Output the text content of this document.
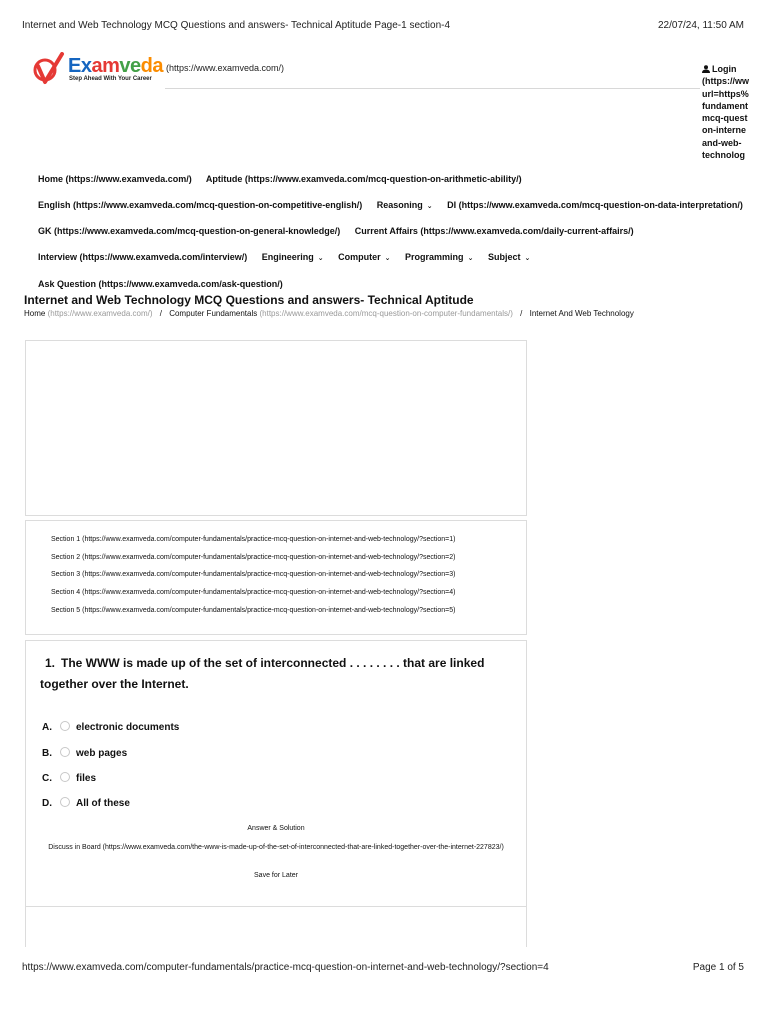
Internet and Web Technology MCQ Questions and answers- Technical Aptitude Page-1 section-4	22/07/24, 11:50 AM
Examveda
Step Ahead With Your Career
(https://www.examveda.com/)	Login
(https://ww
url=https%
fundament
mcq-quest
on-interne
and-web-
technolog
Home (https://www.examveda.com/) Aptitude (https://www.examveda.com/mcq-question-on-arithmetic-ability/)
English (https://www.examveda.com/mcq-question-on-competitive-english/) Reasoning ⌄ DI (https://www.examveda.com/mcq-question-on-data-interpretation/)
GK (https://www.examveda.com/mcq-question-on-general-knowledge/) Current Affairs (https://www.examveda.com/daily-current-affairs/)
Interview (https://www.examveda.com/interview/) Engineering ⌄ Computer ⌄ Programming ⌄ Subject ⌄
Ask Question (https://www.examveda.com/ask-question/)
Internet and Web Technology MCQ Questions and answers- Technical Aptitude
Home (https://www.examveda.com/) / Computer Fundamentals (https://www.examveda.com/mcq-question-on-computer-fundamentals/) / Internet And Web Technology
Section 1 (https://www.examveda.com/computer-fundamentals/practice-mcq-question-on-internet-and-web-technology/?section=1)
Section 2 (https://www.examveda.com/computer-fundamentals/practice-mcq-question-on-internet-and-web-technology/?section=2)
Section 3 (https://www.examveda.com/computer-fundamentals/practice-mcq-question-on-internet-and-web-technology/?section=3)
Section 4 (https://www.examveda.com/computer-fundamentals/practice-mcq-question-on-internet-and-web-technology/?section=4)
Section 5 (https://www.examveda.com/computer-fundamentals/practice-mcq-question-on-internet-and-web-technology/?section=5)
1. The WWW is made up of the set of interconnected . . . . . . . . that are linked together over the Internet.
A. electronic documents
B. web pages
C. files
D. All of these
Answer & Solution
Discuss in Board (https://www.examveda.com/the-www-is-made-up-of-the-set-of-interconnected-that-are-linked-together-over-the-internet-227823/)
Save for Later
https://www.examveda.com/computer-fundamentals/practice-mcq-question-on-internet-and-web-technology/?section=4	Page 1 of 5
